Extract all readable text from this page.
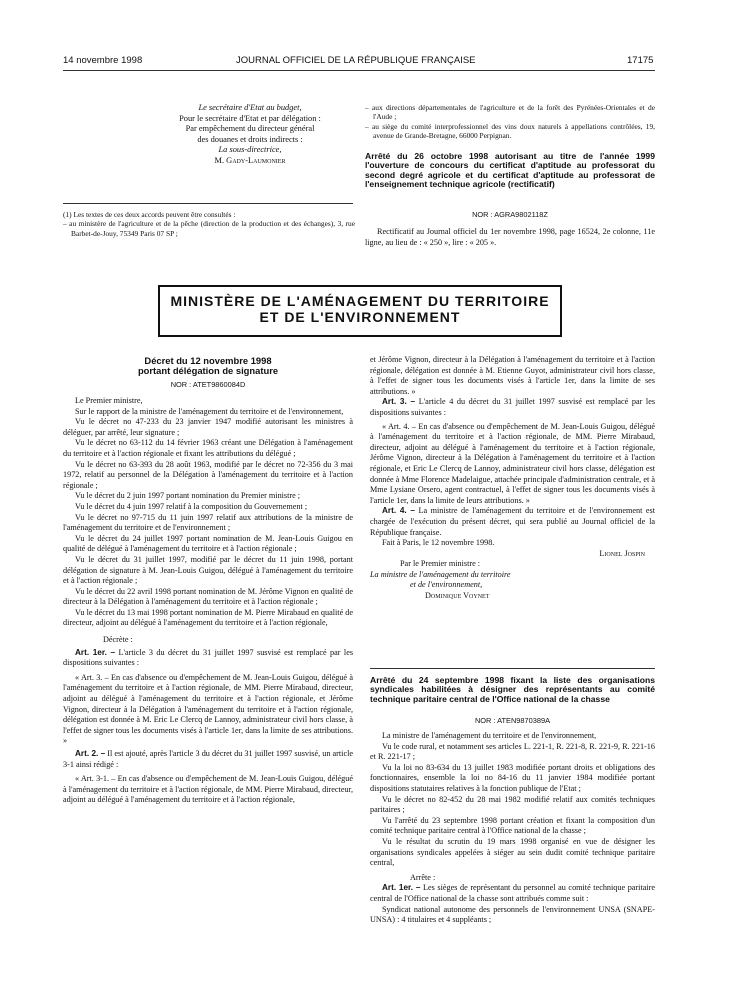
14 novembre 1998	JOURNAL OFFICIEL DE LA RÉPUBLIQUE FRANÇAISE	17175
Le secrétaire d'Etat au budget,
Pour le secrétaire d'Etat et par délégation :
Par empêchement du directeur général
des douanes et droits indirects :
La sous-directrice,
M. Gady-Laumonier
(1) Les textes de ces deux accords peuvent être consultés :
– au ministère de l'agriculture et de la pêche (direction de la production et des échanges), 3, rue Barbet-de-Jouy, 75349 Paris 07 SP ;
– aux directions départementales de l'agriculture et de la forêt des Pyrénées-Orientales et de l'Aude ;
– au siège du comité interprofessionnel des vins doux naturels à appellations contrôlées, 19, avenue de Grande-Bretagne, 66000 Perpignan.
Arrêté du 26 octobre 1998 autorisant au titre de l'année 1999 l'ouverture de concours du certificat d'aptitude au professorat du second degré agricole et du certificat d'aptitude au professorat de l'enseignement technique agricole (rectificatif)
NOR : AGRA9802118Z

Rectificatif au Journal officiel du 1er novembre 1998, page 16524, 2e colonne, 11e ligne, au lieu de : « 250 », lire : « 205 ».

MINISTÈRE DE L'AMÉNAGEMENT DU TERRITOIRE
ET DE L'ENVIRONNEMENT
Décret du 12 novembre 1998
portant délégation de signature
NOR : ATET9860084D

Le Premier ministre,

Sur le rapport de la ministre de l'aménagement du territoire et de l'environnement,

Vu le décret no 47-233 du 23 janvier 1947 modifié autorisant les ministres à déléguer, par arrêté, leur signature ;

Vu le décret no 63-112 du 14 février 1963 créant une Délégation à l'aménagement du territoire et à l'action régionale et fixant les attributions du délégué ;

Vu le décret no 63-393 du 28 août 1963, modifié par le décret no 72-356 du 3 mai 1972, relatif au personnel de la Délégation à l'aménagement du territoire et à l'action régionale ;

Vu le décret du 2 juin 1997 portant nomination du Premier ministre ;

Vu le décret du 4 juin 1997 relatif à la composition du Gouvernement ;

Vu le décret no 97-715 du 11 juin 1997 relatif aux attributions de la ministre de l'aménagement du territoire et de l'environnement ;

Vu le décret du 24 juillet 1997 portant nomination de M. Jean-Louis Guigou en qualité de délégué à l'aménagement du territoire et à l'action régionale ;

Vu le décret du 31 juillet 1997, modifié par le décret du 11 juin 1998, portant délégation de signature à M. Jean-Louis Guigou, délégué à l'aménagement du territoire et à l'action régionale ;

Vu le décret du 22 avril 1998 portant nomination de M. Jérôme Vignon en qualité de directeur à la Délégation à l'aménagement du territoire et à l'action régionale ;

Vu le décret du 13 mai 1998 portant nomination de M. Pierre Mirabaud en qualité de directeur, adjoint au délégué à l'aménagement du territoire et à l'action régionale,

Décrète :

Art. 1er. – L'article 3 du décret du 31 juillet 1997 susvisé est remplacé par les dispositions suivantes :

« Art. 3. – En cas d'absence ou d'empêchement de M. Jean-Louis Guigou, délégué à l'aménagement du territoire et à l'action régionale, de MM. Pierre Mirabaud, directeur, adjoint au délégué à l'aménagement du territoire et à l'action régionale, et Jérôme Vignon, directeur à la Délégation à l'aménagement du territoire et à l'action régionale, délégation est donnée à M. Eric Le Clercq de Lannoy, administrateur civil hors classe, à l'effet de signer tous les documents visés à l'article 1er, dans la limite de ses attributions. »

Art. 2. – Il est ajouté, après l'article 3 du décret du 31 juillet 1997 susvisé, un article 3-1 ainsi rédigé :

« Art. 3-1. – En cas d'absence ou d'empêchement de M. Jean-Louis Guigou, délégué à l'aménagement du territoire et à l'action régionale, de MM. Pierre Mirabaud, directeur, adjoint au délégué à l'aménagement du territoire et à l'action régionale,

et Jérôme Vignon, directeur à la Délégation à l'aménagement du territoire et à l'action régionale, délégation est donnée à M. Etienne Guyot, administrateur civil hors classe, à l'effet de signer tous les documents visés à l'article 1er, dans la limite de ses attributions. »

Art. 3. – L'article 4 du décret du 31 juillet 1997 susvisé est remplacé par les dispositions suivantes :

« Art. 4. – En cas d'absence ou d'empêchement de M. Jean-Louis Guigou, délégué à l'aménagement du territoire et à l'action régionale, de MM. Pierre Mirabaud, directeur, adjoint au délégué à l'aménagement du territoire et à l'action régionale, Jérôme Vignon, directeur à la Délégation à l'aménagement du territoire et à l'action régionale, et Eric Le Clercq de Lannoy, administrateur civil hors classe, délégation est donnée à Mme Florence Madelaigue, attachée principale d'administration centrale, et à Mme Lysiane Orsero, agent contractuel, à l'effet de signer tous les documents visés à l'article 1er, dans la limite de leurs attributions. »

Art. 4. – La ministre de l'aménagement du territoire et de l'environnement est chargée de l'exécution du présent décret, qui sera publié au Journal officiel de la République française.

Fait à Paris, le 12 novembre 1998.

Lionel Jospin
Par le Premier ministre :
La ministre de l'aménagement du territoire
et de l'environnement,
Dominique Voynet
Arrêté du 24 septembre 1998 fixant la liste des organisations syndicales habilitées à désigner des représentants au comité technique paritaire central de l'Office national de la chasse
NOR : ATEN9870389A

La ministre de l'aménagement du territoire et de l'environnement,

Vu le code rural, et notamment ses articles L. 221-1, R. 221-8, R. 221-9, R. 221-16 et R. 221-17 ;

Vu la loi no 83-634 du 13 juillet 1983 modifiée portant droits et obligations des fonctionnaires, ensemble la loi no 84-16 du 11 janvier 1984 modifiée portant dispositions statutaires relatives à la fonction publique de l'Etat ;

Vu le décret no 82-452 du 28 mai 1982 modifié relatif aux comités techniques paritaires ;

Vu l'arrêté du 23 septembre 1998 portant création et fixant la composition d'un comité technique paritaire central à l'Office national de la chasse ;

Vu le résultat du scrutin du 19 mars 1998 organisé en vue de désigner les organisations syndicales appelées à siéger au sein dudit comité technique paritaire central,

Arrête :

Art. 1er. – Les sièges de représentant du personnel au comité technique paritaire central de l'Office national de la chasse sont attribués comme suit :

Syndicat national autonome des personnels de l'environnement UNSA (SNAPE-UNSA) : 4 titulaires et 4 suppléants ;
